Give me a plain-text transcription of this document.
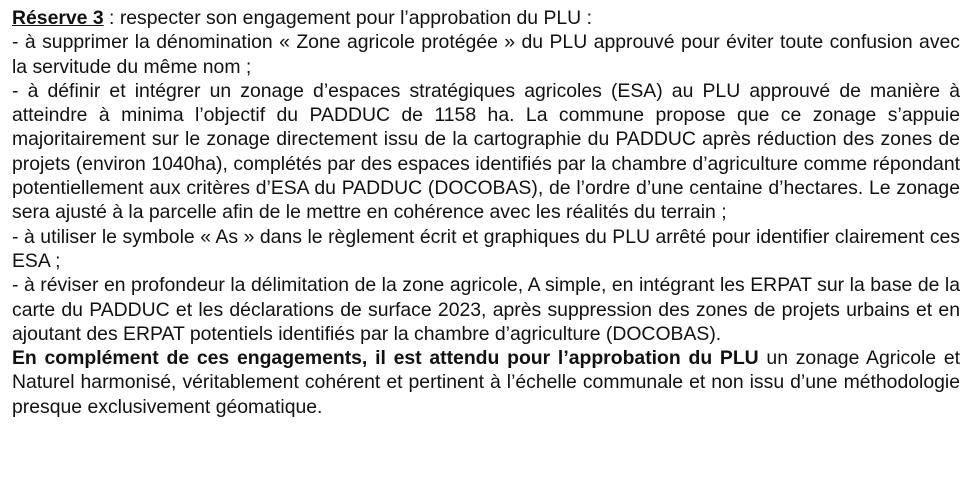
Réserve 3 : respecter son engagement pour l’approbation du PLU :

- à supprimer la dénomination « Zone agricole protégée » du PLU approuvé pour éviter toute confusion avec la servitude du même nom ;

- à définir et intégrer un zonage d’espaces stratégiques agricoles (ESA) au PLU approuvé de manière à atteindre à minima l’objectif du PADDUC de 1158 ha. La commune propose que ce zonage s’appuie majoritairement sur le zonage directement issu de la cartographie du PADDUC après réduction des zones de projets (environ 1040ha), complétés par des espaces identifiés par la chambre d’agriculture comme répondant potentiellement aux critères d’ESA du PADDUC (DOCOBAS), de l’ordre d’une centaine d’hectares. Le zonage sera ajusté à la parcelle afin de le mettre en cohérence avec les réalités du terrain ;

- à utiliser le symbole « As » dans le règlement écrit et graphiques du PLU arrêté pour identifier clairement ces ESA ;

- à réviser en profondeur la délimitation de la zone agricole, A simple, en intégrant les ERPAT sur la base de la carte du PADDUC et les déclarations de surface 2023, après suppression des zones de projets urbains et en ajoutant des ERPAT potentiels identifiés par la chambre d’agriculture (DOCOBAS).

En complément de ces engagements, il est attendu pour l’approbation du PLU un zonage Agricole et Naturel harmonisé, véritablement cohérent et pertinent à l’échelle communale et non issu d’une méthodologie presque exclusivement géomatique.
